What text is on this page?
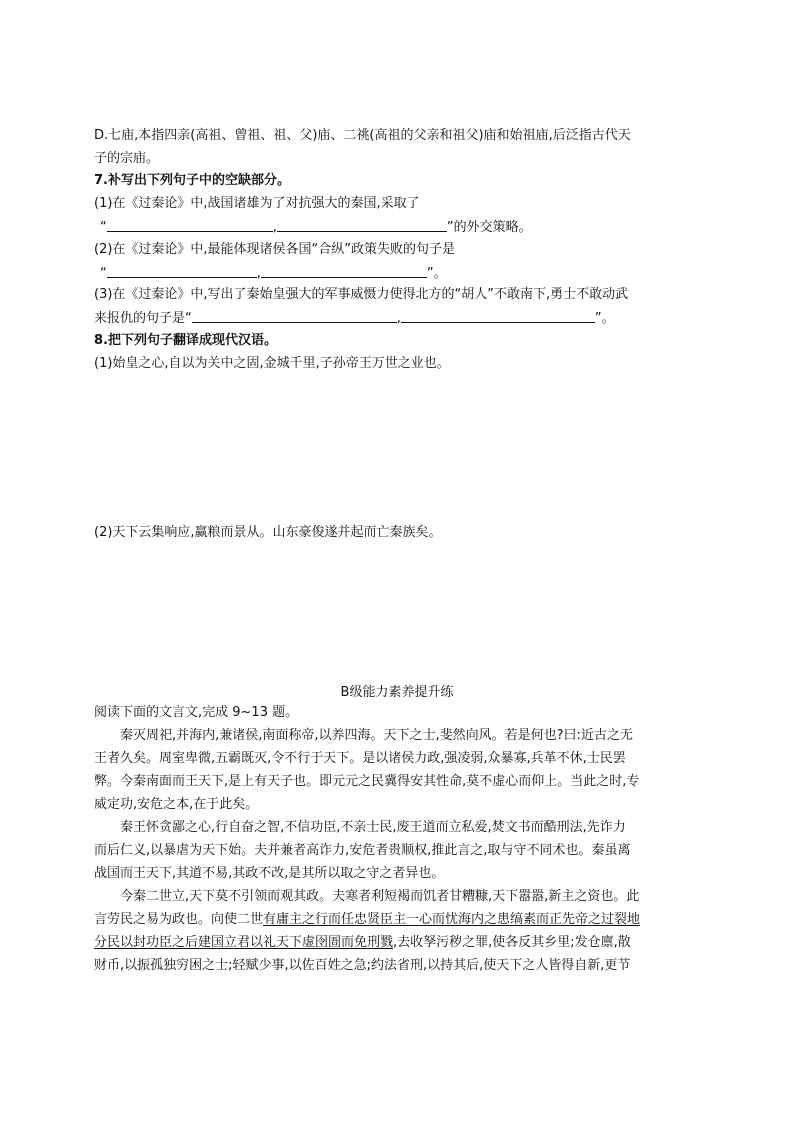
D.七庙,本指四亲(高祖、曾祖、祖、父)庙、二祧(高祖的父亲和祖父)庙和始祖庙,后泛指古代天
子的宗庙。
7.补写出下列句子中的空缺部分。
(1)在《过秦论》中,战国诸雄为了对抗强大的秦国,采取了
“	,	”的外交策略。
(2)在《过秦论》中,最能体现诸侯各国“合纵”政策失败的句子是
“	,	”。
(3)在《过秦论》中,写出了秦始皇强大的军事威慑力使得北方的“胡人”不敢南下,勇士不敢动武
来报仇的句子是“	,	”。
8.把下列句子翻译成现代汉语。
(1)始皇之心,自以为关中之固,金城千里,子孙帝王万世之业也。
(2)天下云集响应,赢粮而景从。山东豪俊遂并起而亡秦族矣。
B级能力素养提升练
阅读下面的文言文,完成 9~13 题。
秦灭周祀,并海内,兼诸侯,南面称帝,以养四海。天下之士,斐然向风。若是何也?曰:近古之无
王者久矣。周室卑微,五霸既灭,令不行于天下。是以诸侯力政,强凌弱,众暴寡,兵革不休,士民罢
弊。今秦南面而王天下,是上有天子也。即元元之民冀得安其性命,莫不虚心而仰上。当此之时,专
威定功,安危之本,在于此矣。
秦王怀贪鄙之心,行自奋之智,不信功臣,不亲士民,废王道而立私爱,焚文书而酷刑法,先诈力
而后仁义,以暴虐为天下始。夫并兼者高诈力,安危者贵顺权,推此言之,取与守不同术也。秦虽离
战国而王天下,其道不易,其政不改,是其所以取之守之者异也。
今秦二世立,天下莫不引领而观其政。夫寒者利短褐而饥者甘糟糠,天下嚣嚣,新主之资也。此
言劳民之易为政也。向使二世有庸主之行而任忠贤臣主一心而忧海内之患缟素而正先帝之过裂地
分民以封功臣之后建国立君以礼天下虚囹圄而免刑戮,去收孥污秽之罪,使各反其乡里;发仓廪,散
财币,以振孤独穷困之士;轻赋少事,以佐百姓之急;约法省刑,以持其后,使天下之人皆得自新,更节
